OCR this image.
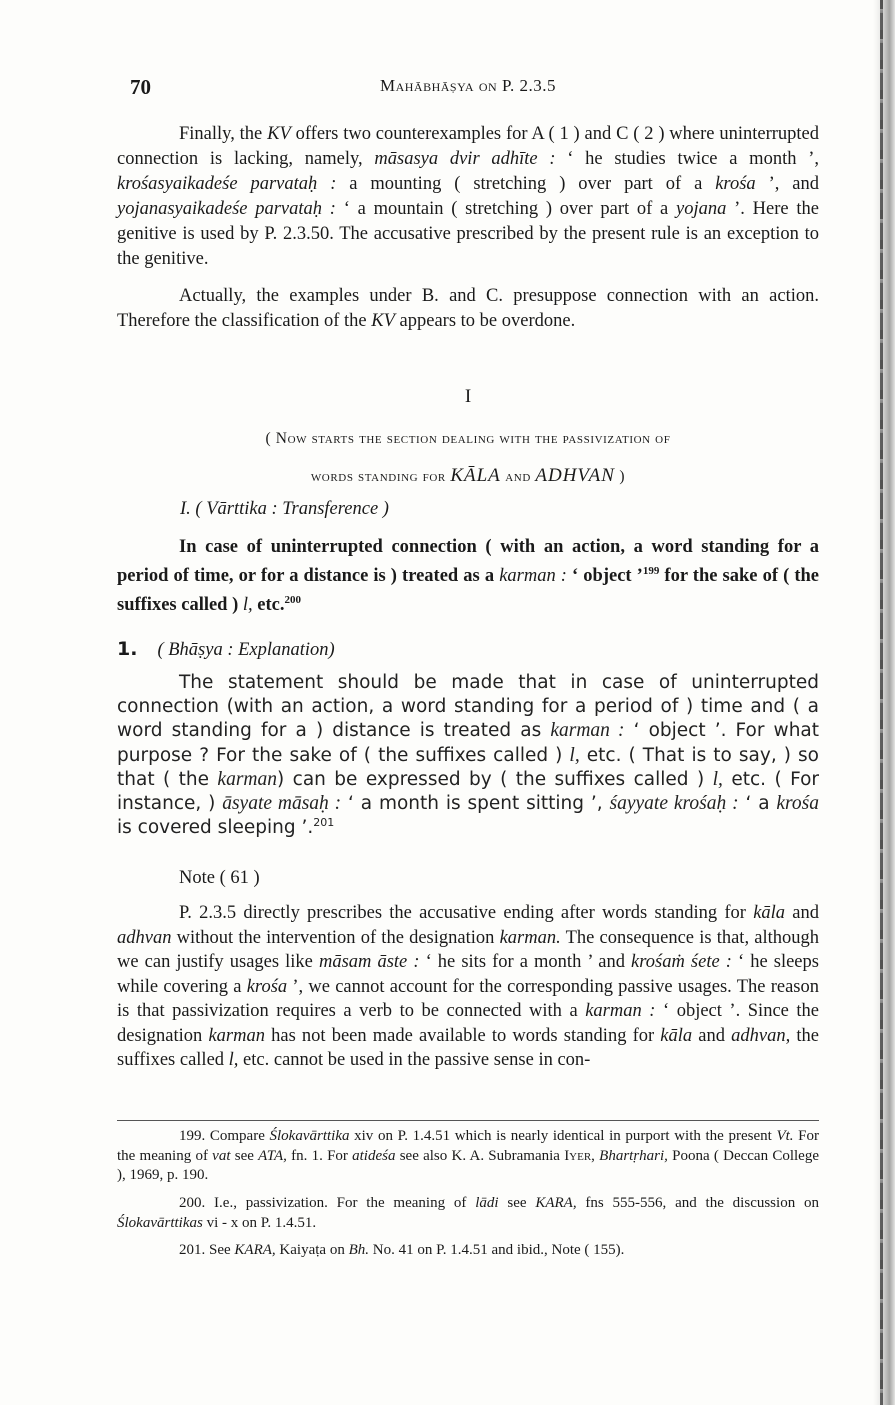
70	Mahābhāṣya on P. 2.3.5
Finally, the KV offers two counterexamples for A ( 1 ) and C ( 2 ) where uninterrupted connection is lacking, namely, māsasya dvir adhīte : ‘ he studies twice a month ’, krośasyaikadeśe parvataḥ : a mounting ( stretching ) over part of a krośa ’, and yojanasyaikadeśe parvataḥ : ‘ a mountain ( stretching ) over part of a yojana ’. Here the genitive is used by P. 2.3.50. The accusative prescribed by the present rule is an exception to the genitive.
Actually, the examples under B. and C. presuppose connection with an action. Therefore the classification of the KV appears to be overdone.
I
( Now starts the section dealing with the passivization of
words standing for KĀLA and ADHVAN )
I. ( Vārttika : Transference )
In case of uninterrupted connection ( with an action, a word standing for a period of time, or for a distance is ) treated as a karman : ‘ object ’$^{199}$ for the sake of ( the suffixes called ) l, etc.$^{200}$
1. ( Bhāṣya : Explanation)
The statement should be made that in case of uninterrupted connection (with an action, a word standing for a period of ) time and ( a word standing for a ) distance is treated as karman : ‘ object ’. For what purpose ? For the sake of ( the suffixes called ) l, etc. ( That is to say, ) so that ( the karman) can be expressed by ( the suffixes called ) l, etc. ( For instance, ) āsyate māsaḥ : ‘ a month is spent sitting ’, śayyate krośaḥ : ‘ a krośa is covered sleeping ’.$^{201}$
Note ( 61 )
P. 2.3.5 directly prescribes the accusative ending after words standing for kāla and adhvan without the intervention of the designation karman. The consequence is that, although we can justify usages like māsam āste : ‘ he sits for a month ’ and krośaṁ śete : ‘ he sleeps while covering a krośa ’, we cannot account for the corresponding passive usages. The reason is that passivization requires a verb to be connected with a karman : ‘ object ’. Since the designation karman has not been made available to words standing for kāla and adhvan, the suffixes called l, etc. cannot be used in the passive sense in con-
199. Compare Ślokavārttika xiv on P. 1.4.51 which is nearly identical in purport with the present Vt. For the meaning of vat see ATA, fn. 1. For atideśa see also K. A. Subramania Iyer, Bhartṛhari, Poona ( Deccan College ), 1969, p. 190.
200. I.e., passivization. For the meaning of lādi see KARA, fns 555-556, and the discussion on Ślokavārttikas vi - x on P. 1.4.51.
201. See KARA, Kaiyaṭa on Bh. No. 41 on P. 1.4.51 and ibid., Note ( 155).
